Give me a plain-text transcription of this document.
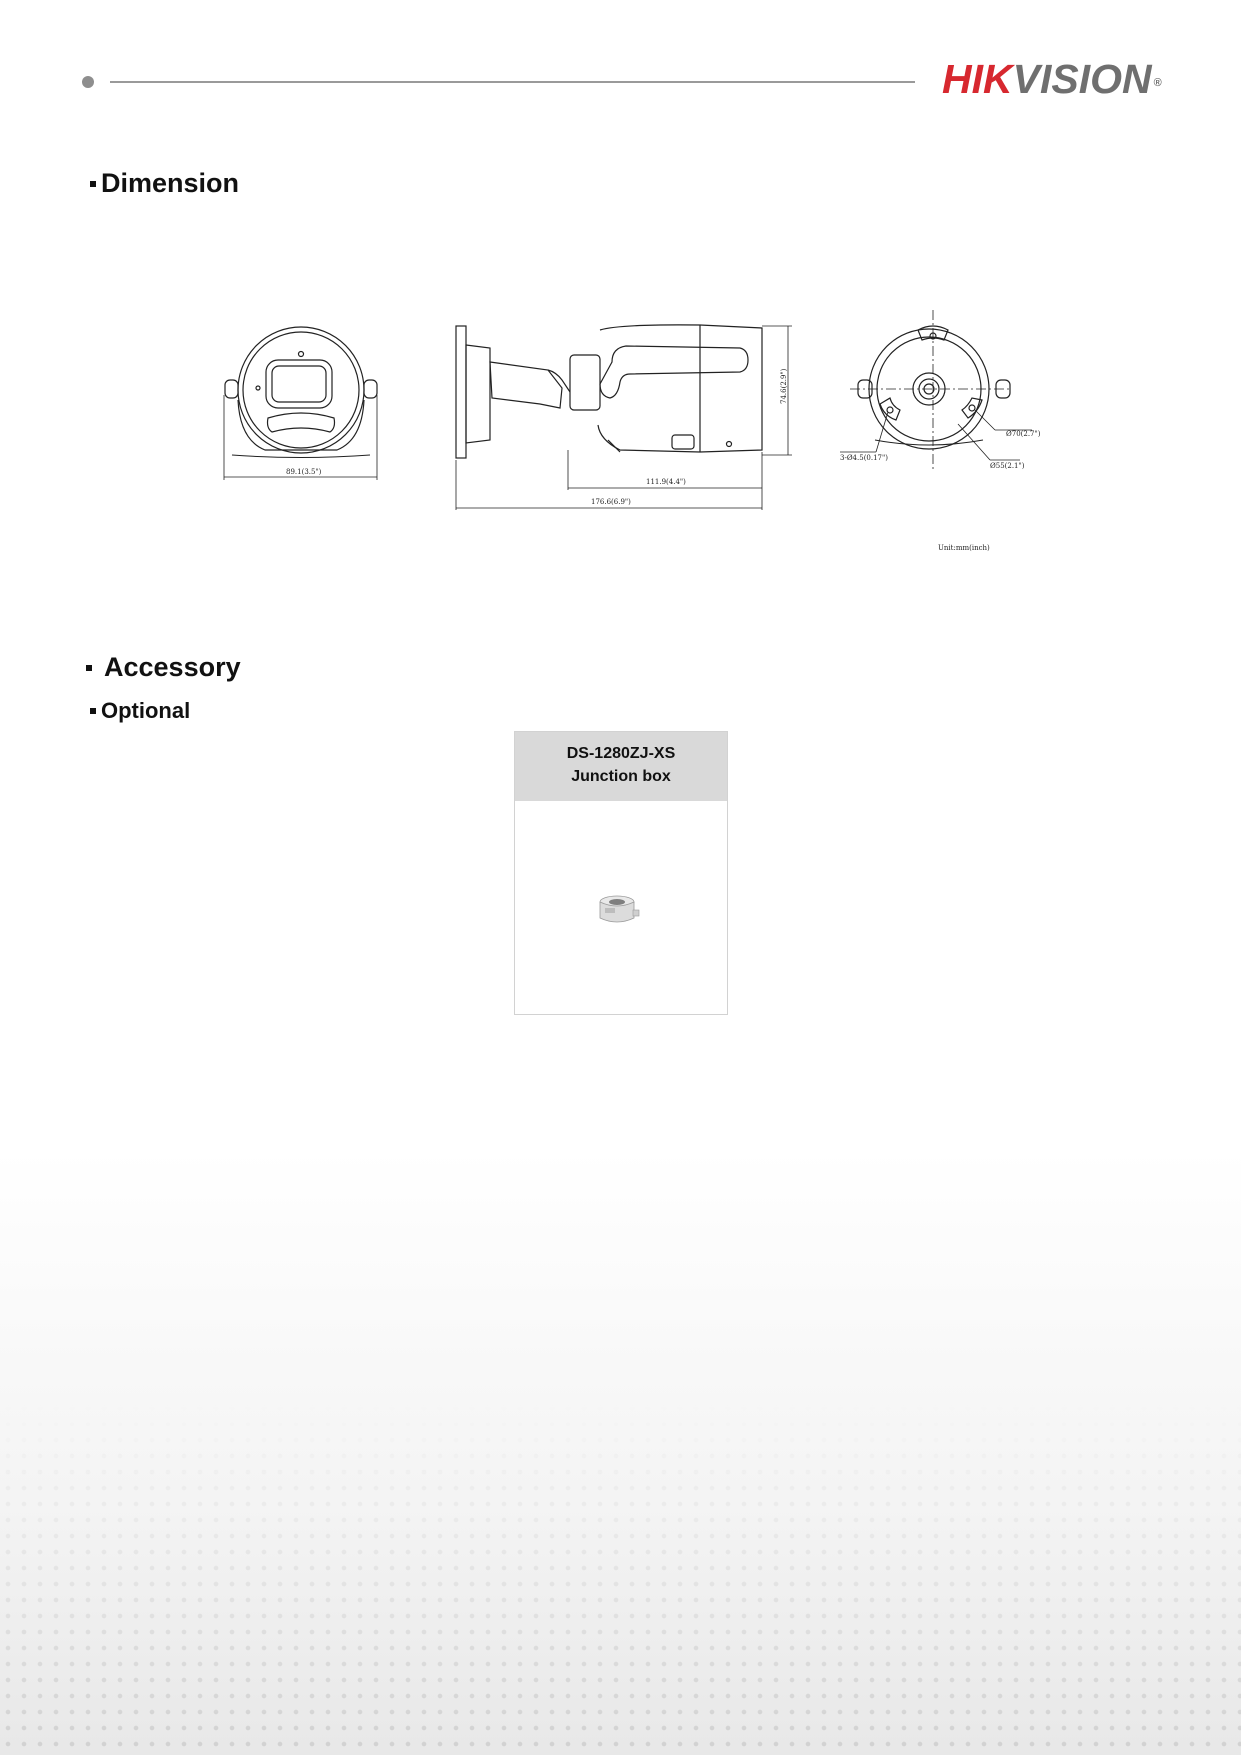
HIKVISION ®
Dimension
89.1(3.5")
111.9(4.4")
176.6(6.9")
74.6(2.9")
Ø70(2.7")
Ø55(2.1")
3-Ø4.5(0.17")
Unit:mm(inch)
Accessory
Optional
DS-1280ZJ-XS
Junction box
